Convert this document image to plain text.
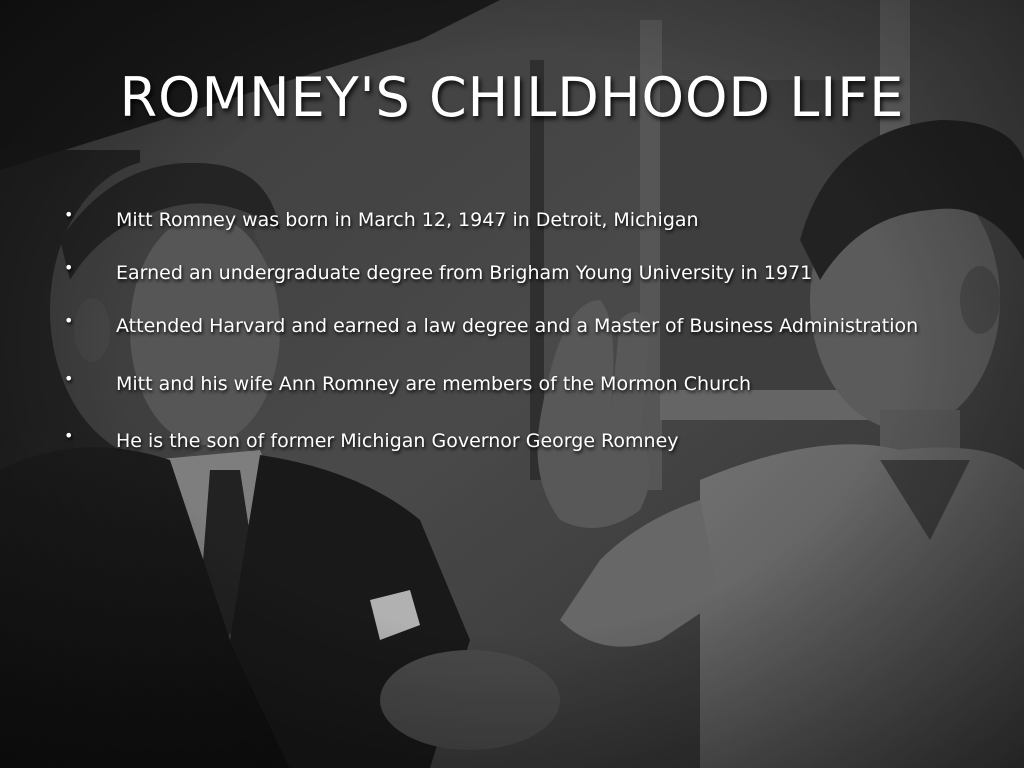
ROMNEY'S CHILDHOOD LIFE
•	Mitt Romney was born in March 12, 1947 in Detroit, Michigan
•	Earned an undergraduate degree from Brigham Young University in 1971
•	Attended Harvard and earned a law degree and a Master of Business Administration
•	Mitt and his wife Ann Romney are members of the Mormon Church
•	He is the son of former Michigan Governor George Romney
